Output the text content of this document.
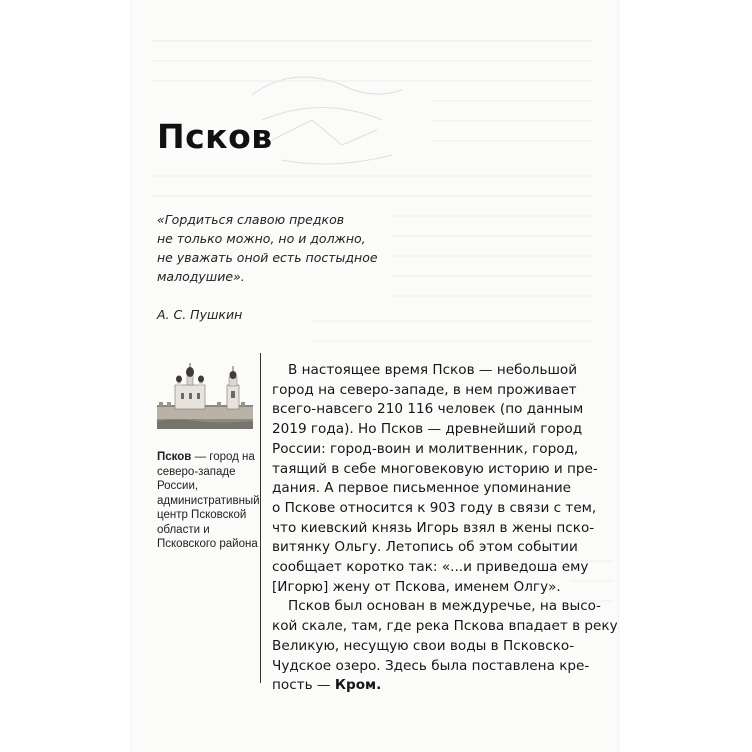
Псков
«Гордиться славою предков
не только можно, но и должно,
не уважать оной есть постыдное
малодушие».
А. С. Пушкин
Псков — город на северо-западе России, административный центр Псковской области и Псковского района
В настоящее время Псков — небольшой
город на северо-западе, в нем проживает
всего-навсего 210 116 человек (по данным
2019 года). Но Псков — древнейший город
России: город-воин и молитвенник, город,
таящий в себе многовековую историю и пре-
дания. А первое письменное упоминание
о Пскове относится к 903 году в связи с тем,
что киевский князь Игорь взял в жены пско-
витянку Ольгу. Летопись об этом событии
сообщает коротко так: «...и приведоша ему
[Игорю] жену от Пскова, именем Олгу».
Псков был основан в междуречье, на высо-
кой скале, там, где река Пскова впадает в реку
Великую, несущую свои воды в Псковско-
Чудское озеро. Здесь была поставлена кре-
пость — Кром.
